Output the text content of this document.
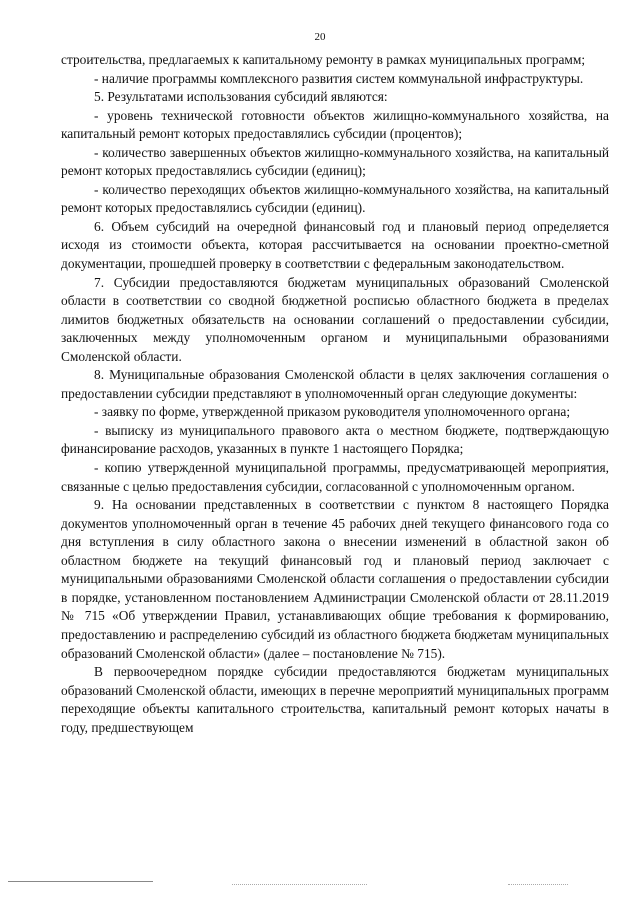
20

строительства, предлагаемых к капитальному ремонту в рамках муниципальных программ;

- наличие программы комплексного развития систем коммунальной инфраструктуры.

5. Результатами использования субсидий являются:

- уровень технической готовности объектов жилищно-коммунального хозяйства, на капитальный ремонт которых предоставлялись субсидии (процентов);

- количество завершенных объектов жилищно-коммунального хозяйства, на капитальный ремонт которых предоставлялись субсидии (единиц);

- количество переходящих объектов жилищно-коммунального хозяйства, на капитальный ремонт которых предоставлялись субсидии (единиц).

6. Объем субсидий на очередной финансовый год и плановый период определяется исходя из стоимости объекта, которая рассчитывается на основании проектно-сметной документации, прошедшей проверку в соответствии с федеральным законодательством.

7. Субсидии предоставляются бюджетам муниципальных образований Смоленской области в соответствии со сводной бюджетной росписью областного бюджета в пределах лимитов бюджетных обязательств на основании соглашений о предоставлении субсидии, заключенных между уполномоченным органом и муниципальными образованиями Смоленской области.

8. Муниципальные образования Смоленской области в целях заключения соглашения о предоставлении субсидии представляют в уполномоченный орган следующие документы:

- заявку по форме, утвержденной приказом руководителя уполномоченного органа;

- выписку из муниципального правового акта о местном бюджете, подтверждающую финансирование расходов, указанных в пункте 1 настоящего Порядка;

- копию утвержденной муниципальной программы, предусматривающей мероприятия, связанные с целью предоставления субсидии, согласованной с уполномоченным органом.

9. На основании представленных в соответствии с пунктом 8 настоящего Порядка документов уполномоченный орган в течение 45 рабочих дней текущего финансового года со дня вступления в силу областного закона о внесении изменений в областной закон об областном бюджете на текущий финансовый год и плановый период заключает с муниципальными образованиями Смоленской области соглашения о предоставлении субсидии в порядке, установленном постановлением Администрации Смоленской области от 28.11.2019 № 715 «Об утверждении Правил, устанавливающих общие требования к формированию, предоставлению и распределению субсидий из областного бюджета бюджетам муниципальных образований Смоленской области» (далее – постановление № 715).

В первоочередном порядке субсидии предоставляются бюджетам муниципальных образований Смоленской области, имеющих в перечне мероприятий муниципальных программ переходящие объекты капитального строительства, капитальный ремонт которых начаты в году, предшествующем
